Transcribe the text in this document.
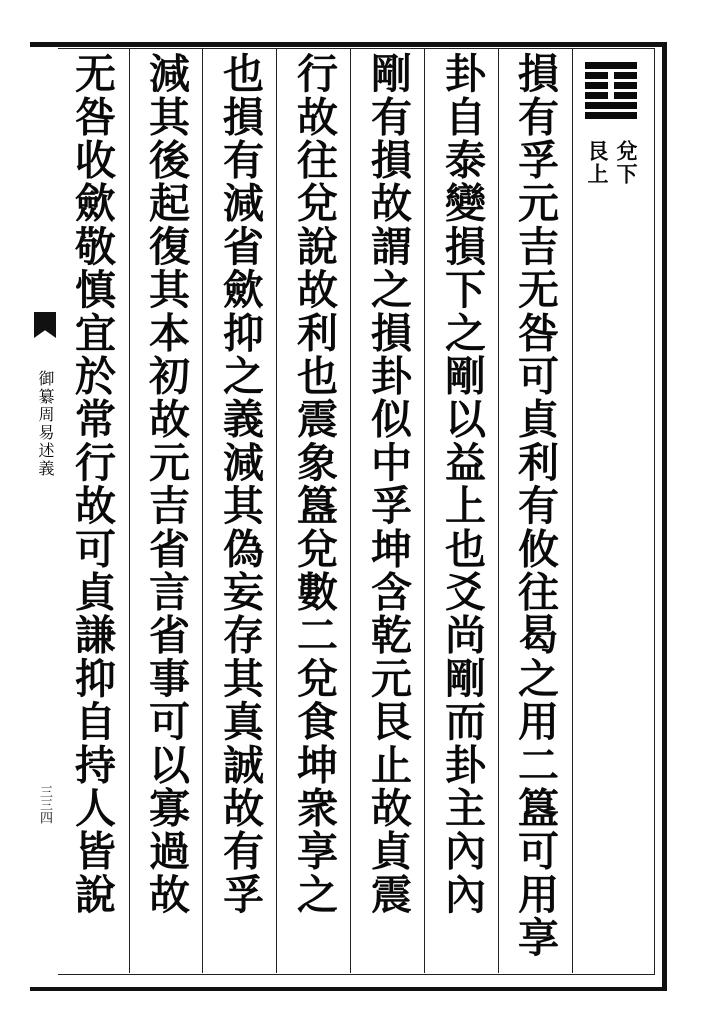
御纂周易述義
三三四
兌下
艮上
損有孚元吉无咎可貞利有攸往曷之用二簋可用享
卦自泰變損下之剛以益上也爻尚剛而卦主內內
剛有損故謂之損卦似中孚坤含乾元艮止故貞震
行故往兌說故利也震象簋兌數二兌食坤衆享之
也損有減省歛抑之義減其偽妄存其真誠故有孚
減其後起復其本初故元吉省言省事可以寡過故
无咎收歛敬慎宜於常行故可貞謙抑自持人皆說
